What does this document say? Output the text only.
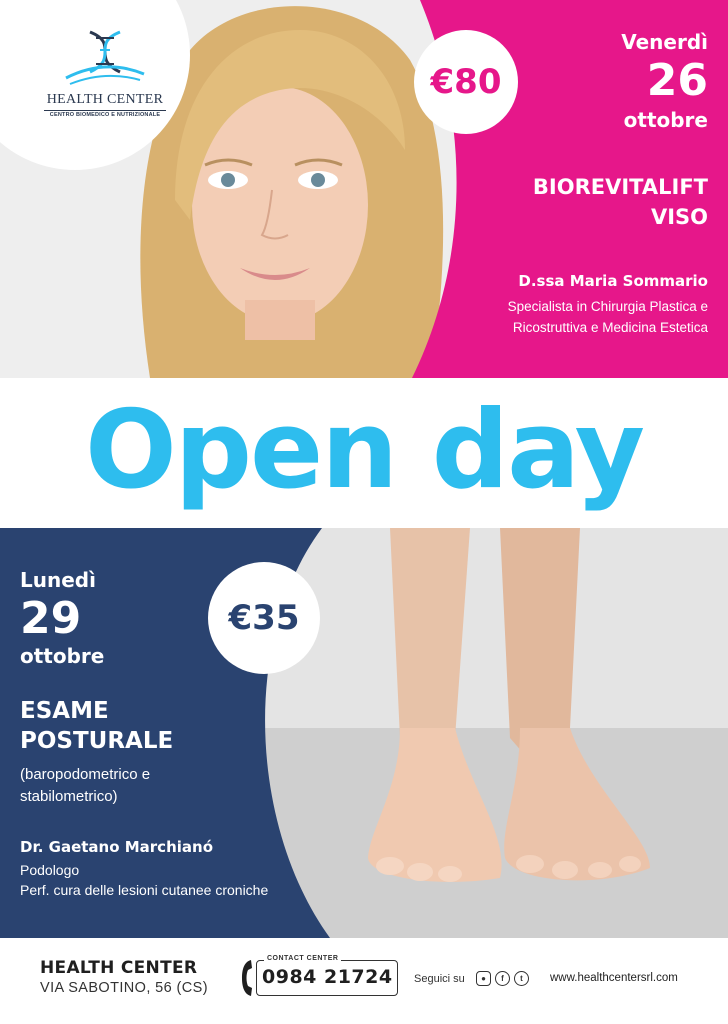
HEALTH CENTER
CENTRO BIOMEDICO E NUTRIZIONALE
€80
Venerdì
26
ottobre
BIOREVITALIFT VISO
D.ssa Maria Sommario
Specialista in Chirurgia Plastica e Ricostruttiva e Medicina Estetica
Open day
Lunedì
29
ottobre
ESAME POSTURALE
(baropodometrico e stabilometrico)
Dr. Gaetano Marchianó
Podologo
Perf. cura delle lesioni cutanee croniche
€35
HEALTH CENTER
VIA SABOTINO, 56 (CS)
CONTACT CENTER
0984 21724 Seguici su	●	f	t	www.healthcentersrl.com
